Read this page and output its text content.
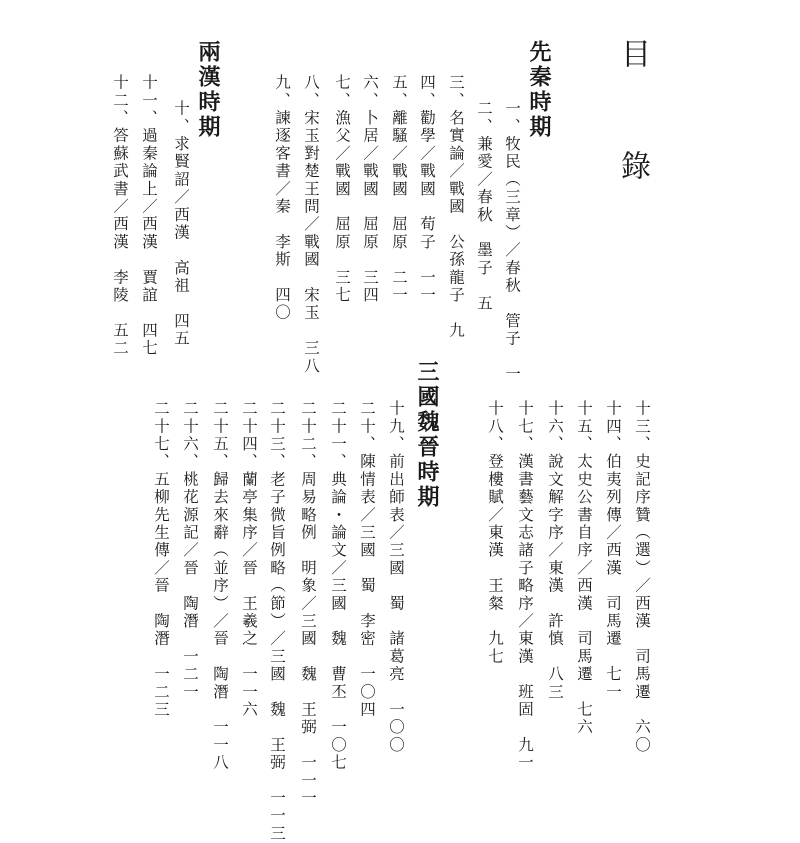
目　錄
先秦時期
一、牧民（三章）／春秋　管子　一
二、兼愛／春秋　墨子　五
三、名實論／戰國　公孫龍子　九
四、勸學／戰國　荀子　一一
五、離騷／戰國　屈原　二一
六、卜居／戰國　屈原　三四
七、漁父／戰國　屈原　三七
八、宋玉對楚王問／戰國　宋玉　三八
九、諫逐客書／秦　李斯　四〇
兩漢時期
十、求賢詔／西漢　高祖　四五
十一、過秦論上／西漢　賈誼　四七
十二、答蘇武書／西漢　李陵　五二
十三、史記序贊（選）／西漢　司馬遷　六〇
十四、伯夷列傳／西漢　司馬遷　七一
十五、太史公書自序／西漢　司馬遷　七六
十六、說文解字序／東漢　許慎　八三
十七、漢書藝文志諸子略序／東漢　班固　九一
十八、登樓賦／東漢　王粲　九七
三國魏晉時期
十九、前出師表／三國　蜀　諸葛亮　一〇〇
二十、陳情表／三國　蜀　李密　一〇四
二十一、典論・論文／三國　魏　曹丕　一〇七
二十二、周易略例　明象／三國　魏　王弼　一一一
二十三、老子微旨例略（節）／三國　魏　王弼　一一三
二十四、蘭亭集序／晉　王羲之　一一六
二十五、歸去來辭（並序）／晉　陶潛　一一八
二十六、桃花源記／晉　陶潛　一二一
二十七、五柳先生傳／晉　陶潛　一二三
